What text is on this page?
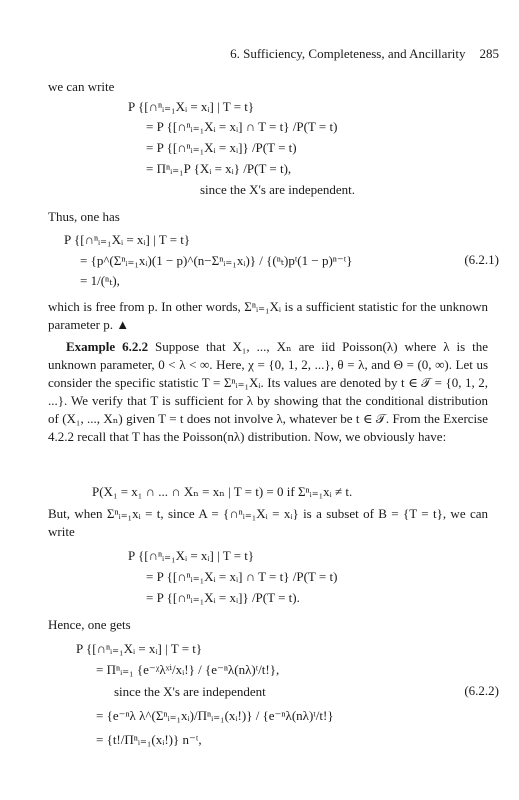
6. Sufficiency, Completeness, and Ancillarity 285
we can write
P {[∩ⁿᵢ₌₁Xᵢ = xᵢ] | T = t}
= P {[∩ⁿᵢ₌₁Xᵢ = xᵢ] ∩ T = t} /P(T = t)
= P {[∩ⁿᵢ₌₁Xᵢ = xᵢ]} /P(T = t)
= Πⁿᵢ₌₁P {Xᵢ = xᵢ} /P(T = t),
since the X's are independent.
Thus, one has
P {[∩ⁿᵢ₌₁Xᵢ = xᵢ] | T = t}
= {p^(Σⁿᵢ₌₁xᵢ)(1 − p)^(n−Σⁿᵢ₌₁xᵢ)} / {(ⁿₜ)pᵗ(1 − p)ⁿ⁻ᵗ}	(6.2.1)
= 1/(ⁿₜ),
which is free from p. In other words, Σⁿᵢ₌₁Xᵢ is a sufficient statistic for the unknown parameter p. ▲
Example 6.2.2 Suppose that X₁, ..., Xₙ are iid Poisson(λ) where λ is the unknown parameter, 0 < λ < ∞. Here, χ = {0, 1, 2, ...}, θ = λ, and Θ = (0, ∞). Let us consider the specific statistic T = Σⁿᵢ₌₁Xᵢ. Its values are denoted by t ∈ 𝒯 = {0, 1, 2, ...}. We verify that T is sufficient for λ by showing that the conditional distribution of (X₁, ..., Xₙ) given T = t does not involve λ, whatever be t ∈ 𝒯. From the Exercise 4.2.2 recall that T has the Poisson(nλ) distribution. Now, we obviously have:
P(X₁ = x₁ ∩ ... ∩ Xₙ = xₙ | T = t) = 0 if Σⁿᵢ₌₁xᵢ ≠ t.
But, when Σⁿᵢ₌₁xᵢ = t, since A = {∩ⁿᵢ₌₁Xᵢ = xᵢ} is a subset of B = {T = t}, we can write
P {[∩ⁿᵢ₌₁Xᵢ = xᵢ] | T = t}
= P {[∩ⁿᵢ₌₁Xᵢ = xᵢ] ∩ T = t} /P(T = t)
= P {[∩ⁿᵢ₌₁Xᵢ = xᵢ]} /P(T = t).
Hence, one gets
P {[∩ⁿᵢ₌₁Xᵢ = xᵢ] | T = t}
= Πⁿᵢ₌₁ {e⁻ᵡλˣⁱ/xᵢ!} / {e⁻ⁿλ(nλ)ᵗ/t!},
since the X's are independent	(6.2.2)
= {e⁻ⁿλ λ^(Σⁿᵢ₌₁xᵢ)/Πⁿᵢ₌₁(xᵢ!)} / {e⁻ⁿλ(nλ)ᵗ/t!}
= {t!/Πⁿᵢ₌₁(xᵢ!)} n⁻ᵗ,
